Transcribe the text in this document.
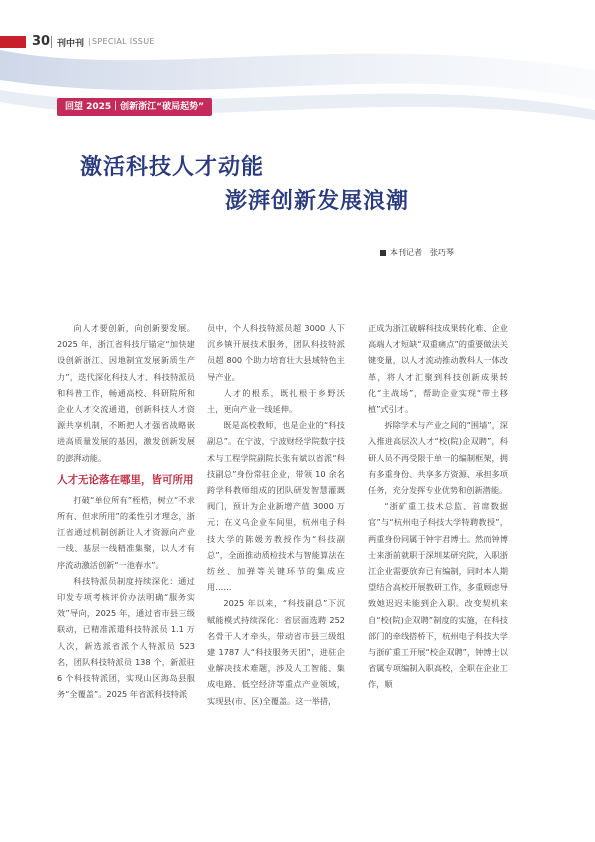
30 刊中刊 | SPECIAL ISSUE
回望 2025｜创新浙江“破局起势”
激活科技人才动能
澎湃创新发展浪潮
本刊记者　张巧琴

向人才要创新，向创新要发展。2025 年，浙江省科技厅锚定“加快建设创新浙江、因地制宜发展新质生产力”，迭代深化科技人才、科技特派员和科普工作，畅通高校、科研院所和企业人才交流通道，创新科技人才资源共享机制，不断把人才强省战略嵌进高质量发展的基因，激发创新发展的澎湃动能。

人才无论落在哪里，皆可所用

打破“单位所有”桎梏，树立“不求所有、但求所用”的柔性引才理念，浙江省通过机制创新让人才资源向产业一线、基层一线精准集聚，以人才有序流动激活创新“一池春水”。

科技特派员制度持续深化：通过印发专项考核评价办法明确“服务实效”导向，2025 年，通过省市县三级联动，已精准派遣科技特派员 1.1 万人次，新选派省派个人特派员 523 名，团队科技特派员 138 个，新派驻 6 个科技特派团，实现山区海岛县服务“全覆盖”。2025 年省派科技特派

员中，个人科技特派员超 3000 人下沉乡镇开展技术服务，团队科技特派员超 800 个助力培育壮大县域特色主导产业。

人才的根系，既扎根于乡野沃土，更向产业一线延伸。

既是高校教师，也是企业的“科技副总”。在宁波，宁波财经学院数字技术与工程学院副院长张有斌以省派“科技副总”身份常驻企业，带领 10 余名跨学科教师组成的团队研发智慧灌溉阀门，预计为企业新增产值 3000 万元；在义乌企业车间里，杭州电子科技大学的陈媛芳教授作为“科技副总”，全面推动质检技术与智能算法在纺丝、加弹等关键环节的集成应用……

2025 年以来，“科技副总”下沉赋能模式持续深化：省层面选聘 252 名骨干人才牵头，带动省市县三级组建 1787 人“科技服务天团”，进驻企业解决技术难题，涉及人工智能、集成电路、低空经济等重点产业领域，实现县(市、区)全覆盖。这一举措，

正成为浙江破解科技成果转化难、企业高端人才短缺“双重痛点”的重要做法关键变量，以人才流动推动教科人一体改革，将人才汇聚到科技创新成果转化“主战场”，帮助企业实现“带土移植”式引才。

拆除学术与产业之间的“围墙”，深入推进高层次人才“校(院)企双聘”，科研人员不再受限于单一的编制框架，拥有多重身份、共享多方资源、承担多项任务，充分发挥专业优势和创新潜能。

“浙矿重工技术总监、首席数据官”与“杭州电子科技大学特聘教授”，两重身份同属于钟宇君博士。然而钟博士来浙前就职于深圳某研究院，入职浙江企业需要放弃已有编制，同时本人期望结合高校开展教研工作，多重顾虑导致她迟迟未能到企入职。改变契机来自“校(院)企双聘”制度的实施，在科技部门的牵线搭桥下，杭州电子科技大学与浙矿重工开展“校企双聘”，钟博士以省属专项编制入职高校，全职在企业工作，顺
